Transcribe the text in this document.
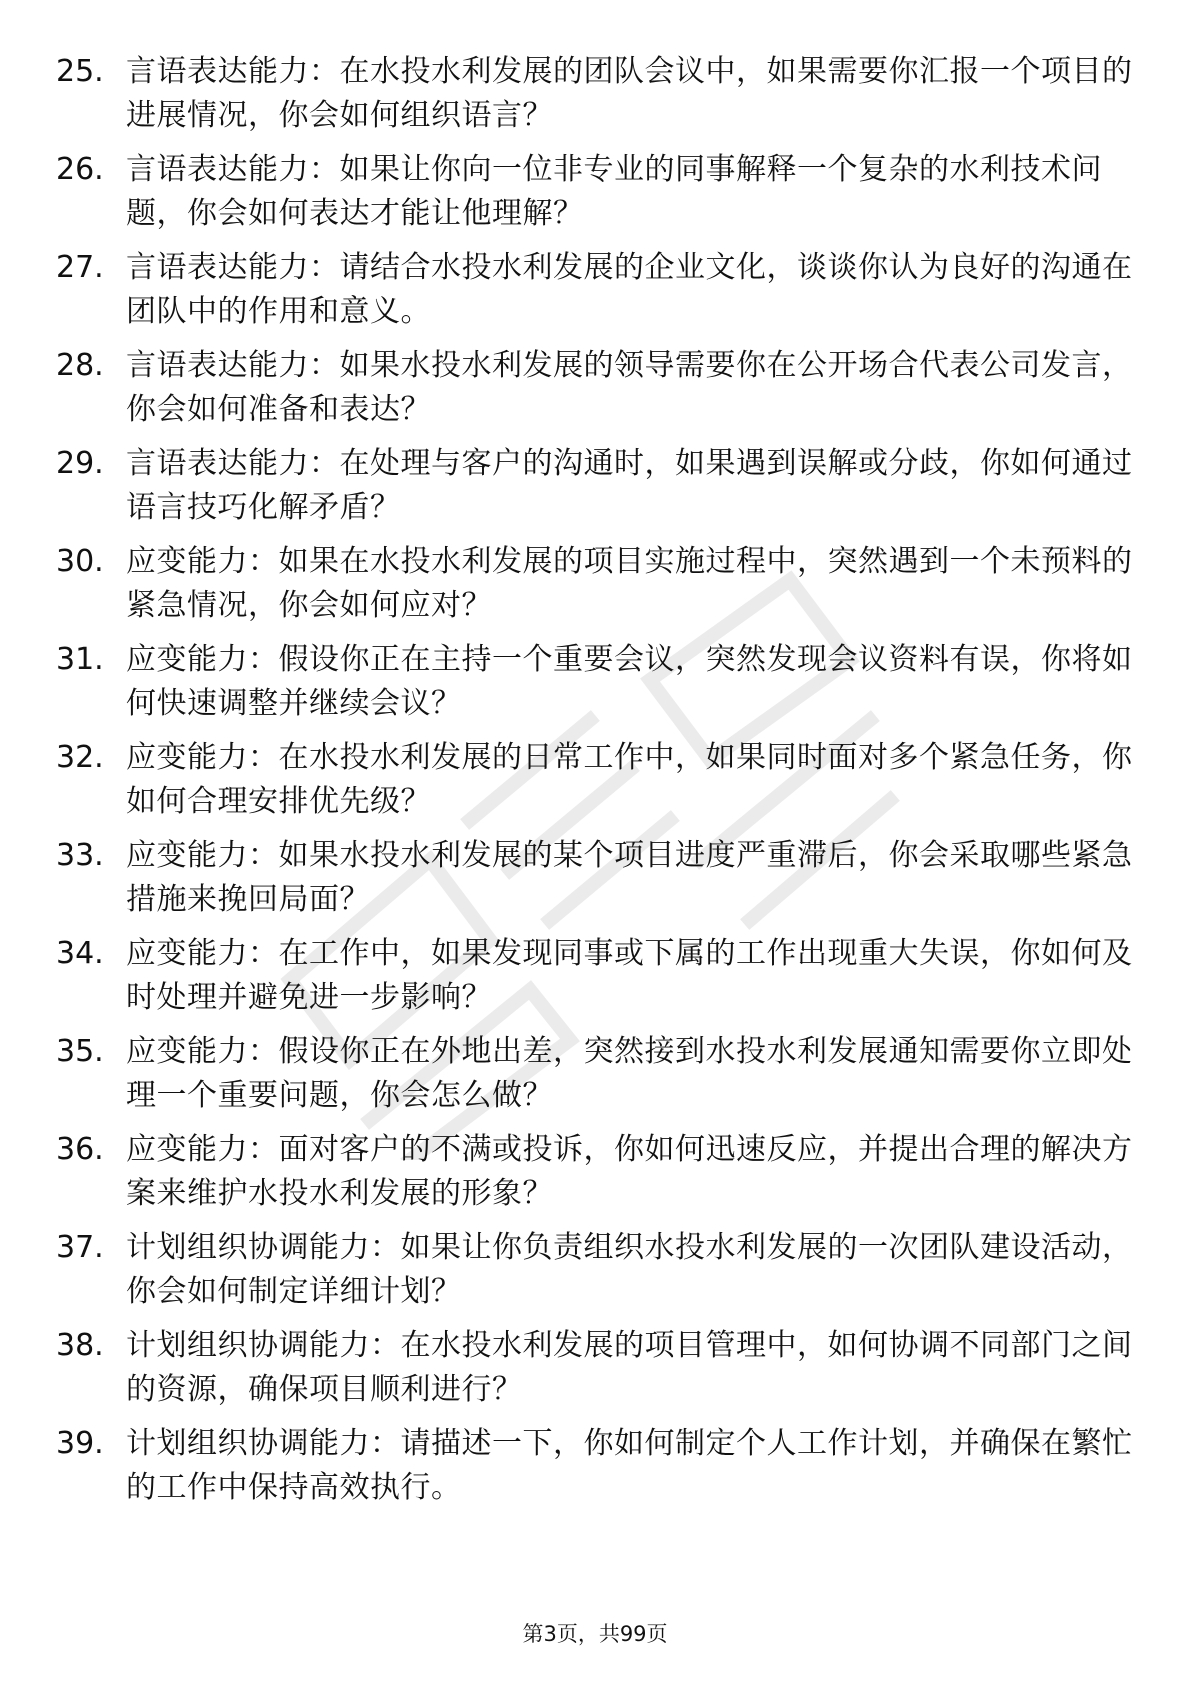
25. 言语表达能力：在水投水利发展的团队会议中，如果需要你汇报一个项目的进展情况，你会如何组织语言？
26. 言语表达能力：如果让你向一位非专业的同事解释一个复杂的水利技术问题，你会如何表达才能让他理解？
27. 言语表达能力：请结合水投水利发展的企业文化，谈谈你认为良好的沟通在团队中的作用和意义。
28. 言语表达能力：如果水投水利发展的领导需要你在公开场合代表公司发言，你会如何准备和表达？
29. 言语表达能力：在处理与客户的沟通时，如果遇到误解或分歧，你如何通过语言技巧化解矛盾？
30. 应变能力：如果在水投水利发展的项目实施过程中，突然遇到一个未预料的紧急情况，你会如何应对？
31. 应变能力：假设你正在主持一个重要会议，突然发现会议资料有误，你将如何快速调整并继续会议？
32. 应变能力：在水投水利发展的日常工作中，如果同时面对多个紧急任务，你如何合理安排优先级？
33. 应变能力：如果水投水利发展的某个项目进度严重滞后，你会采取哪些紧急措施来挽回局面？
34. 应变能力：在工作中，如果发现同事或下属的工作出现重大失误，你如何及时处理并避免进一步影响？
35. 应变能力：假设你正在外地出差，突然接到水投水利发展通知需要你立即处理一个重要问题，你会怎么做？
36. 应变能力：面对客户的不满或投诉，你如何迅速反应，并提出合理的解决方案来维护水投水利发展的形象？
37. 计划组织协调能力：如果让你负责组织水投水利发展的一次团队建设活动，你会如何制定详细计划？
38. 计划组织协调能力：在水投水利发展的项目管理中，如何协调不同部门之间的资源，确保项目顺利进行？
39. 计划组织协调能力：请描述一下，你如何制定个人工作计划，并确保在繁忙的工作中保持高效执行。
第3页，共99页
